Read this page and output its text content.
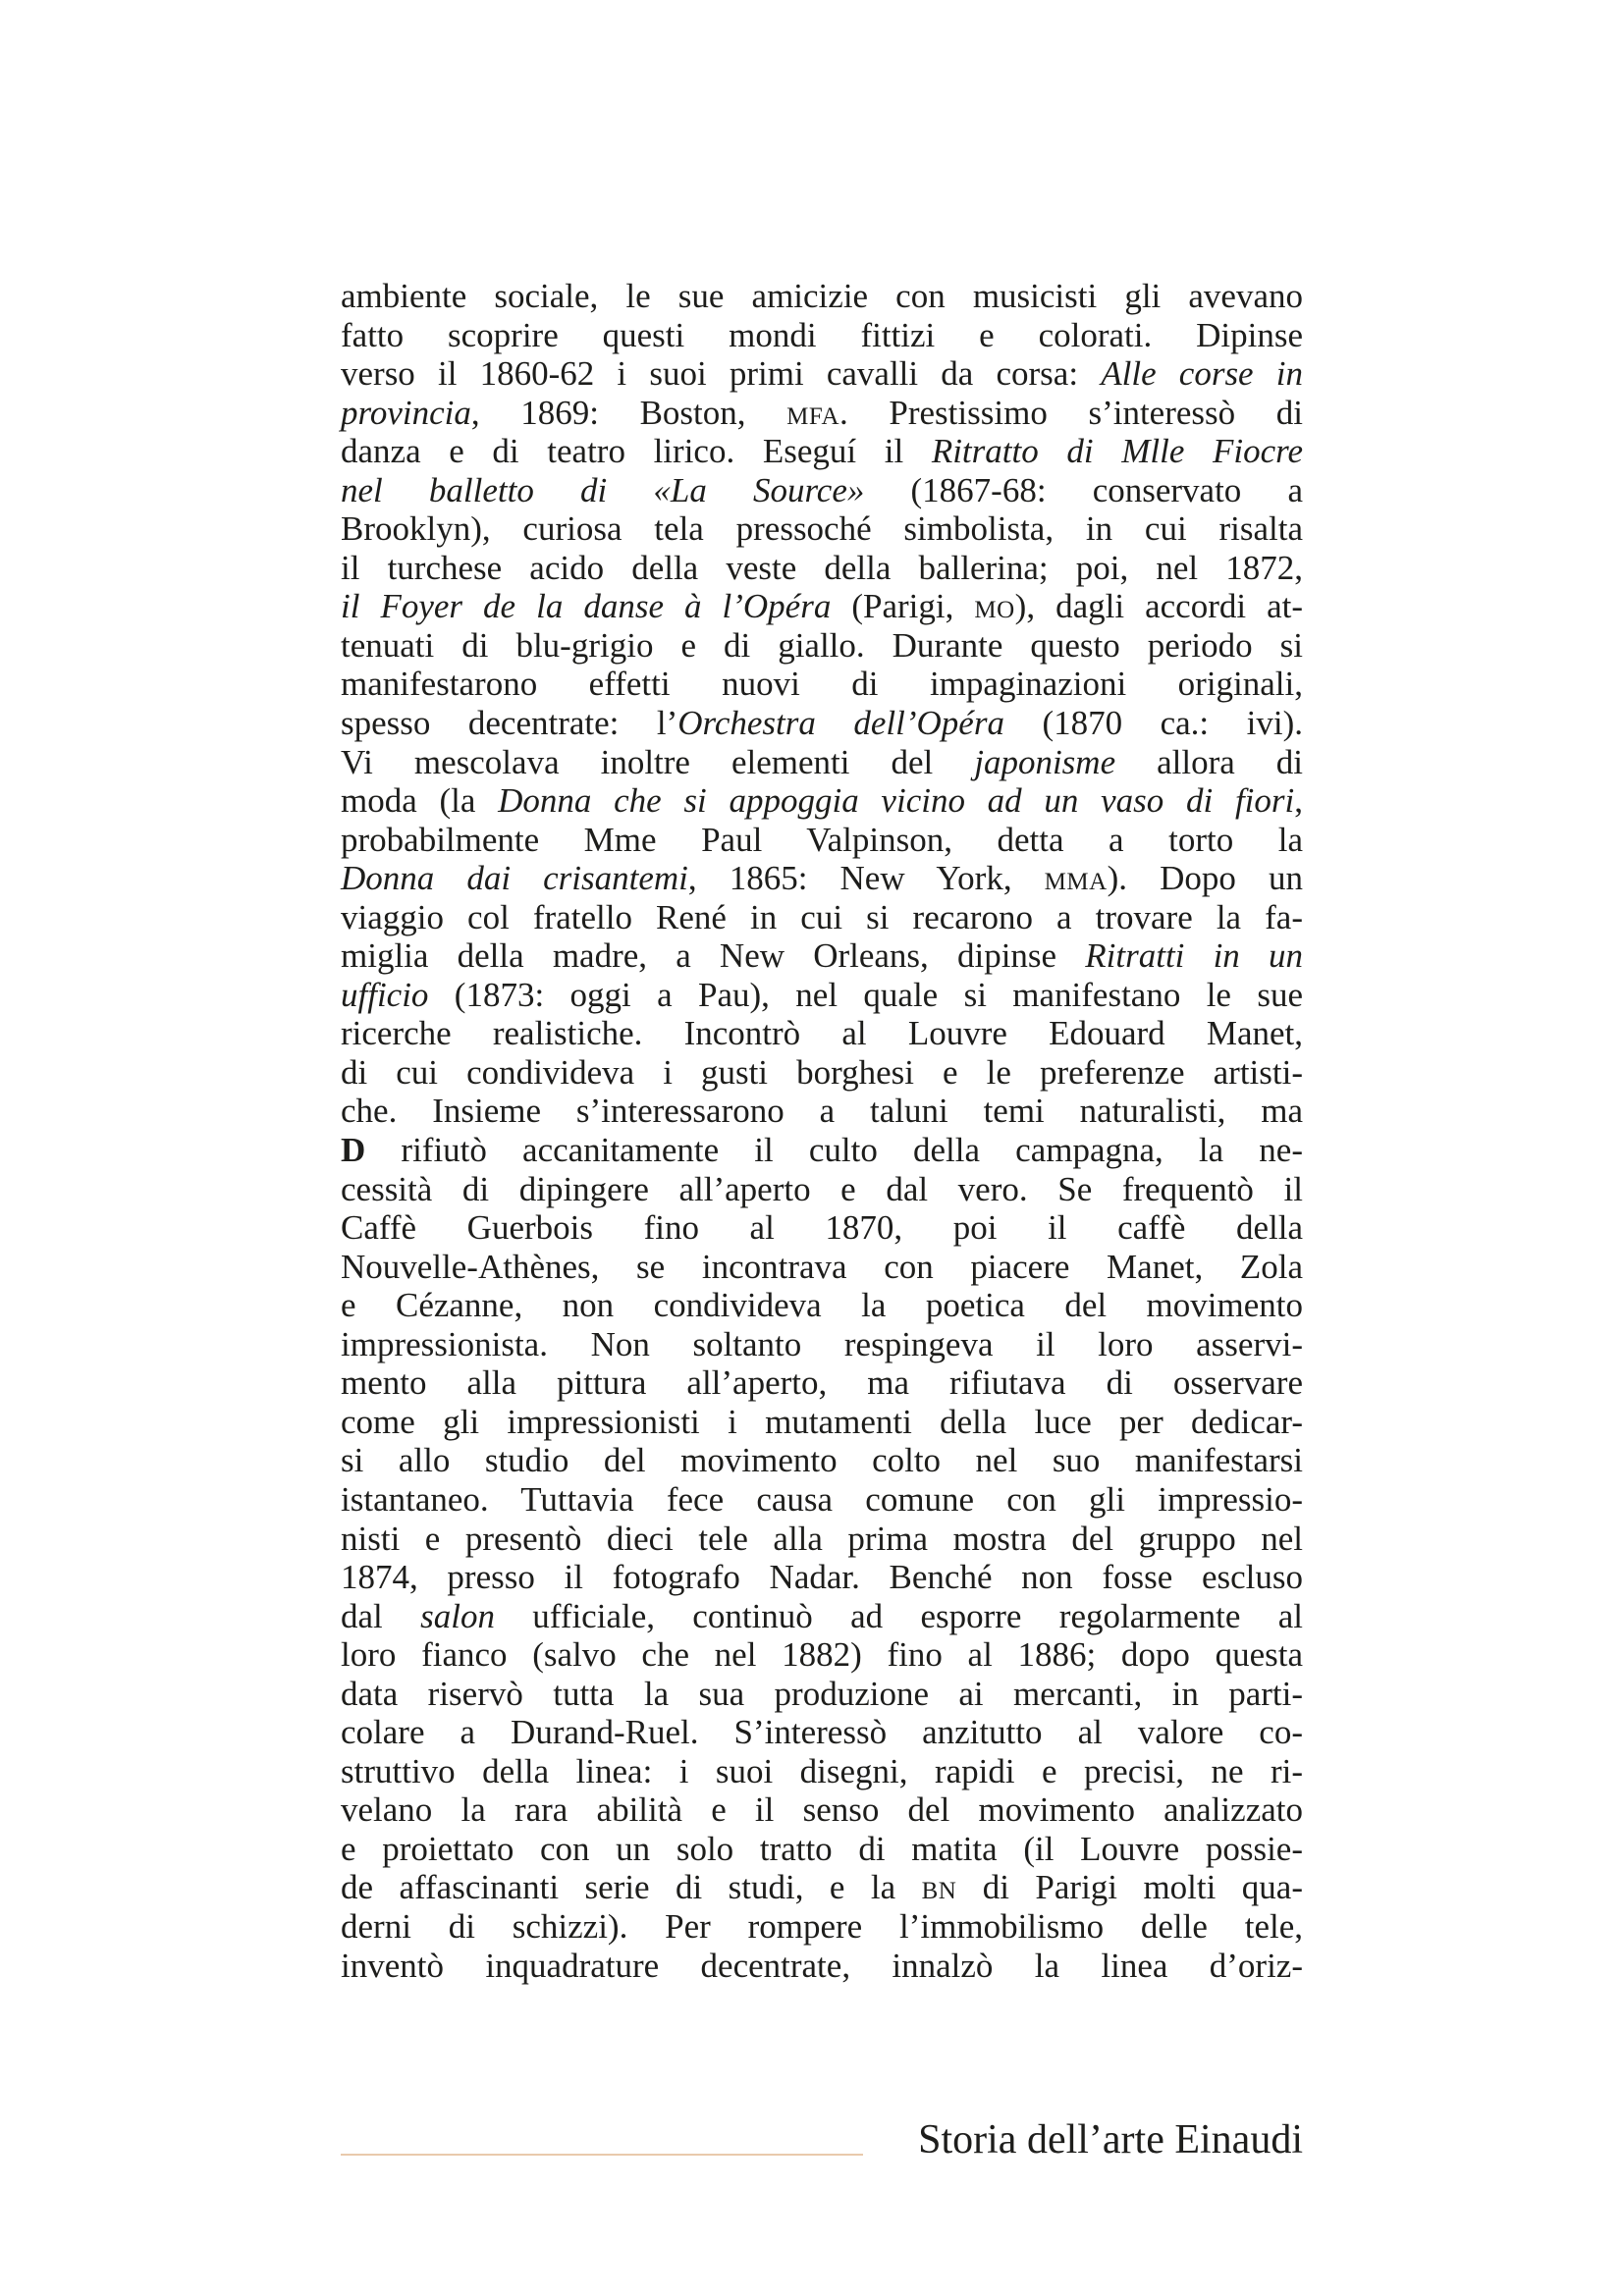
ambiente sociale, le sue amicizie con musicisti gli avevano
fatto scoprire questi mondi fittizi e colorati. Dipinse
verso il 1860-62 i suoi primi cavalli da corsa: Alle corse in
provincia, 1869: Boston, mfa. Prestissimo s’interessò di
danza e di teatro lirico. Eseguí il Ritratto di Mlle Fiocre
nel balletto di «La Source» (1867-68: conservato a
Brooklyn), curiosa tela pressoché simbolista, in cui risalta
il turchese acido della veste della ballerina; poi, nel 1872,
il Foyer de la danse à l’Opéra (Parigi, mo), dagli accordi at-
tenuati di blu-grigio e di giallo. Durante questo periodo si
manifestarono effetti nuovi di impaginazioni originali,
spesso decentrate: l’Orchestra dell’Opéra (1870 ca.: ivi).
Vi mescolava inoltre elementi del japonisme allora di
moda (la Donna che si appoggia vicino ad un vaso di fiori,
probabilmente Mme Paul Valpinson, detta a torto la
Donna dai crisantemi, 1865: New York, mma). Dopo un
viaggio col fratello René in cui si recarono a trovare la fa-
miglia della madre, a New Orleans, dipinse Ritratti in un
ufficio (1873: oggi a Pau), nel quale si manifestano le sue
ricerche realistiche. Incontrò al Louvre Edouard Manet,
di cui condivideva i gusti borghesi e le preferenze artisti-
che. Insieme s’interessarono a taluni temi naturalisti, ma
D rifiutò accanitamente il culto della campagna, la ne-
cessità di dipingere all’aperto e dal vero. Se frequentò il
Caffè Guerbois fino al 1870, poi il caffè della
Nouvelle-Athènes, se incontrava con piacere Manet, Zola
e Cézanne, non condivideva la poetica del movimento
impressionista. Non soltanto respingeva il loro asservi-
mento alla pittura all’aperto, ma rifiutava di osservare
come gli impressionisti i mutamenti della luce per dedicar-
si allo studio del movimento colto nel suo manifestarsi
istantaneo. Tuttavia fece causa comune con gli impressio-
nisti e presentò dieci tele alla prima mostra del gruppo nel
1874, presso il fotografo Nadar. Benché non fosse escluso
dal salon ufficiale, continuò ad esporre regolarmente al
loro fianco (salvo che nel 1882) fino al 1886; dopo questa
data riservò tutta la sua produzione ai mercanti, in parti-
colare a Durand-Ruel. S’interessò anzitutto al valore co-
struttivo della linea: i suoi disegni, rapidi e precisi, ne ri-
velano la rara abilità e il senso del movimento analizzato
e proiettato con un solo tratto di matita (il Louvre possie-
de affascinanti serie di studi, e la bn di Parigi molti qua-
derni di schizzi). Per rompere l’immobilismo delle tele,
inventò inquadrature decentrate, innalzò la linea d’oriz-
Storia dell’arte Einaudi
